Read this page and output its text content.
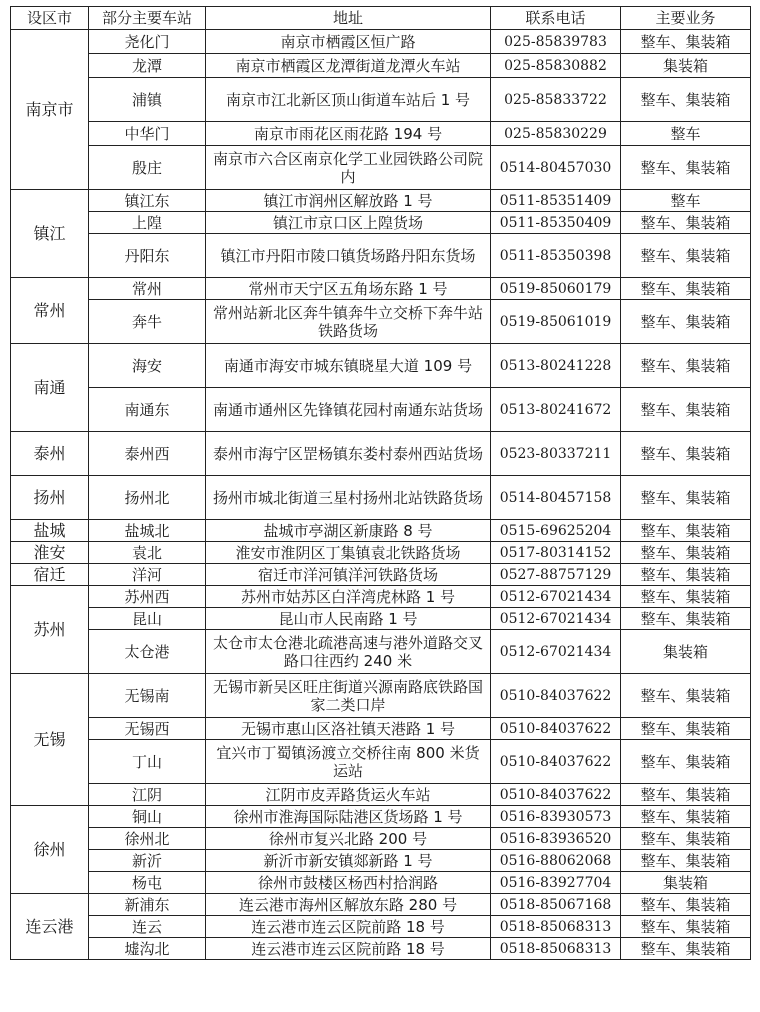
设区市	部分主要车站	地址	联系电话	主要业务
南京市	尧化门	南京市栖霞区恒广路	025-85839783	整车、集装箱
	龙潭	南京市栖霞区龙潭街道龙潭火车站	025-85830882	集装箱
	浦镇	南京市江北新区顶山街道车站后 1 号	025-85833722	整车、集装箱
	中华门	南京市雨花区雨花路 194 号	025-85830229	整车
	殷庄	南京市六合区南京化学工业园铁路公司院内	0514-80457030	整车、集装箱
镇江	镇江东	镇江市润州区解放路 1 号	0511-85351409	整车
	上隍	镇江市京口区上隍货场	0511-85350409	整车、集装箱
	丹阳东	镇江市丹阳市陵口镇货场路丹阳东货场	0511-85350398	整车、集装箱
常州	常州	常州市天宁区五角场东路 1 号	0519-85060179	整车、集装箱
	奔牛	常州站新北区奔牛镇奔牛立交桥下奔牛站铁路货场	0519-85061019	整车、集装箱
南通	海安	南通市海安市城东镇晓星大道 109 号	0513-80241228	整车、集装箱
	南通东	南通市通州区先锋镇花园村南通东站货场	0513-80241672	整车、集装箱
泰州	泰州西	泰州市海宁区罡杨镇东娄村泰州西站货场	0523-80337211	整车、集装箱
扬州	扬州北	扬州市城北街道三星村扬州北站铁路货场	0514-80457158	整车、集装箱
盐城	盐城北	盐城市亭湖区新康路 8 号	0515-69625204	整车、集装箱
淮安	袁北	淮安市淮阴区丁集镇袁北铁路货场	0517-80314152	整车、集装箱
宿迁	洋河	宿迁市洋河镇洋河铁路货场	0527-88757129	整车、集装箱
苏州	苏州西	苏州市姑苏区白洋湾虎林路 1 号	0512-67021434	整车、集装箱
	昆山	昆山市人民南路 1 号	0512-67021434	整车、集装箱
	太仓港	太仓市太仓港北疏港高速与港外道路交叉路口往西约 240 米	0512-67021434	集装箱
无锡	无锡南	无锡市新吴区旺庄街道兴源南路底铁路国家二类口岸	0510-84037622	整车、集装箱
	无锡西	无锡市惠山区洛社镇天港路 1 号	0510-84037622	整车、集装箱
	丁山	宜兴市丁蜀镇汤渡立交桥往南 800 米货运站	0510-84037622	整车、集装箱
	江阴	江阴市皮弄路货运火车站	0510-84037622	整车、集装箱
徐州	铜山	徐州市淮海国际陆港区货场路 1 号	0516-83930573	整车、集装箱
	徐州北	徐州市复兴北路 200 号	0516-83936520	整车、集装箱
	新沂	新沂市新安镇郯新路 1 号	0516-88062068	整车、集装箱
	杨屯	徐州市鼓楼区杨西村拾润路	0516-83927704	集装箱
连云港	新浦东	连云港市海州区解放东路 280 号	0518-85067168	整车、集装箱
	连云	连云港市连云区院前路 18 号	0518-85068313	整车、集装箱
	墟沟北	连云港市连云区院前路 18 号	0518-85068313	整车、集装箱
